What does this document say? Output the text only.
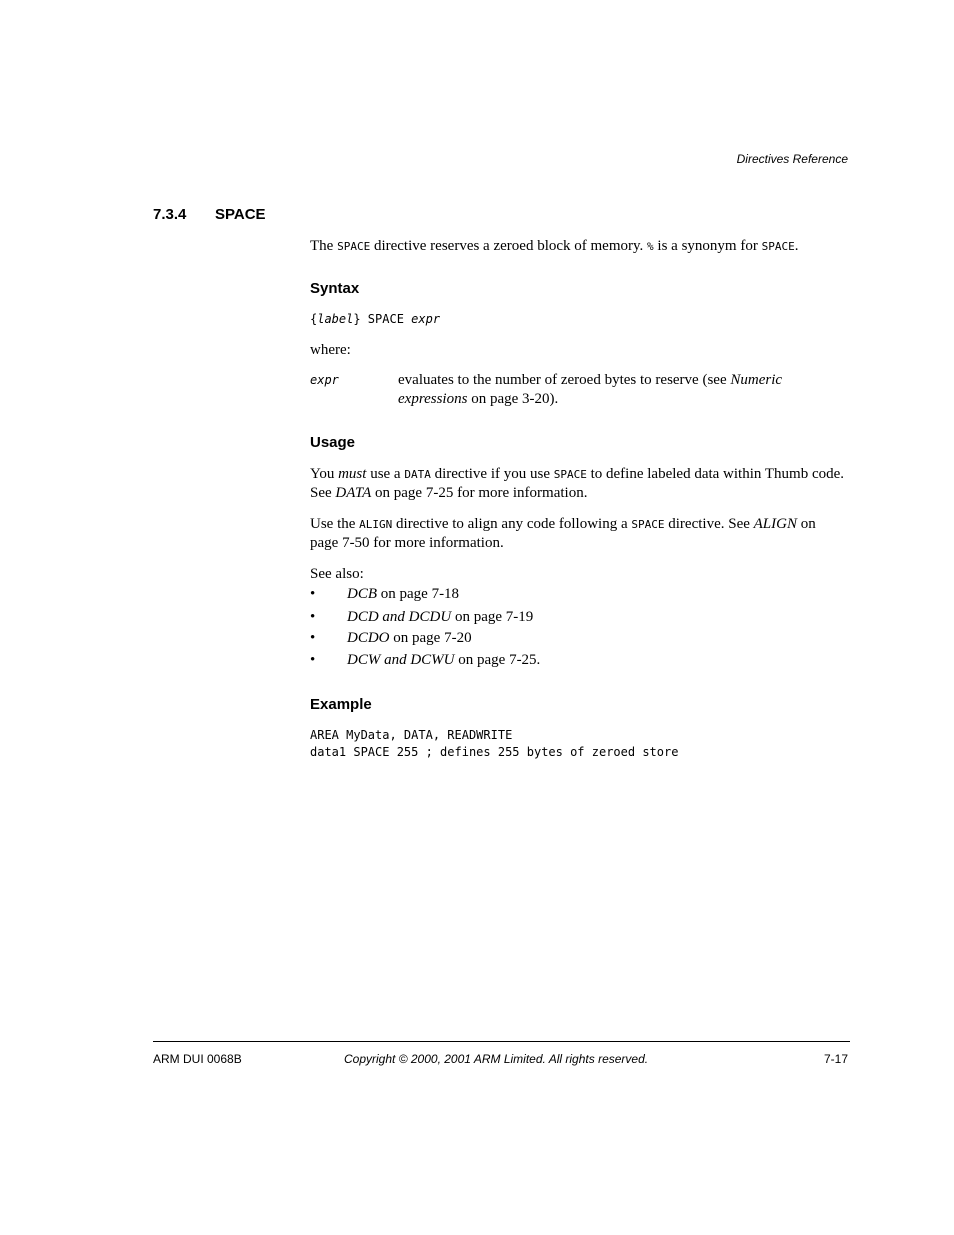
Directives Reference
7.3.4 SPACE
The SPACE directive reserves a zeroed block of memory. % is a synonym for SPACE.
Syntax
{label} SPACE expr
where:
expr	evaluates to the number of zeroed bytes to reserve (see Numeric
expressions on page 3-20).
Usage
You must use a DATA directive if you use SPACE to define labeled data within Thumb code.
See DATA on page 7-25 for more information.
Use the ALIGN directive to align any code following a SPACE directive. See ALIGN on
page 7-50 for more information.
See also:
• DCB on page 7-18
• DCD and DCDU on page 7-19
• DCDO on page 7-20
• DCW and DCWU on page 7-25.
Example
AREA MyData, DATA, READWRITE
data1 SPACE 255 ; defines 255 bytes of zeroed store
ARM DUI 0068B	Copyright © 2000, 2001 ARM Limited. All rights reserved.	7-17
